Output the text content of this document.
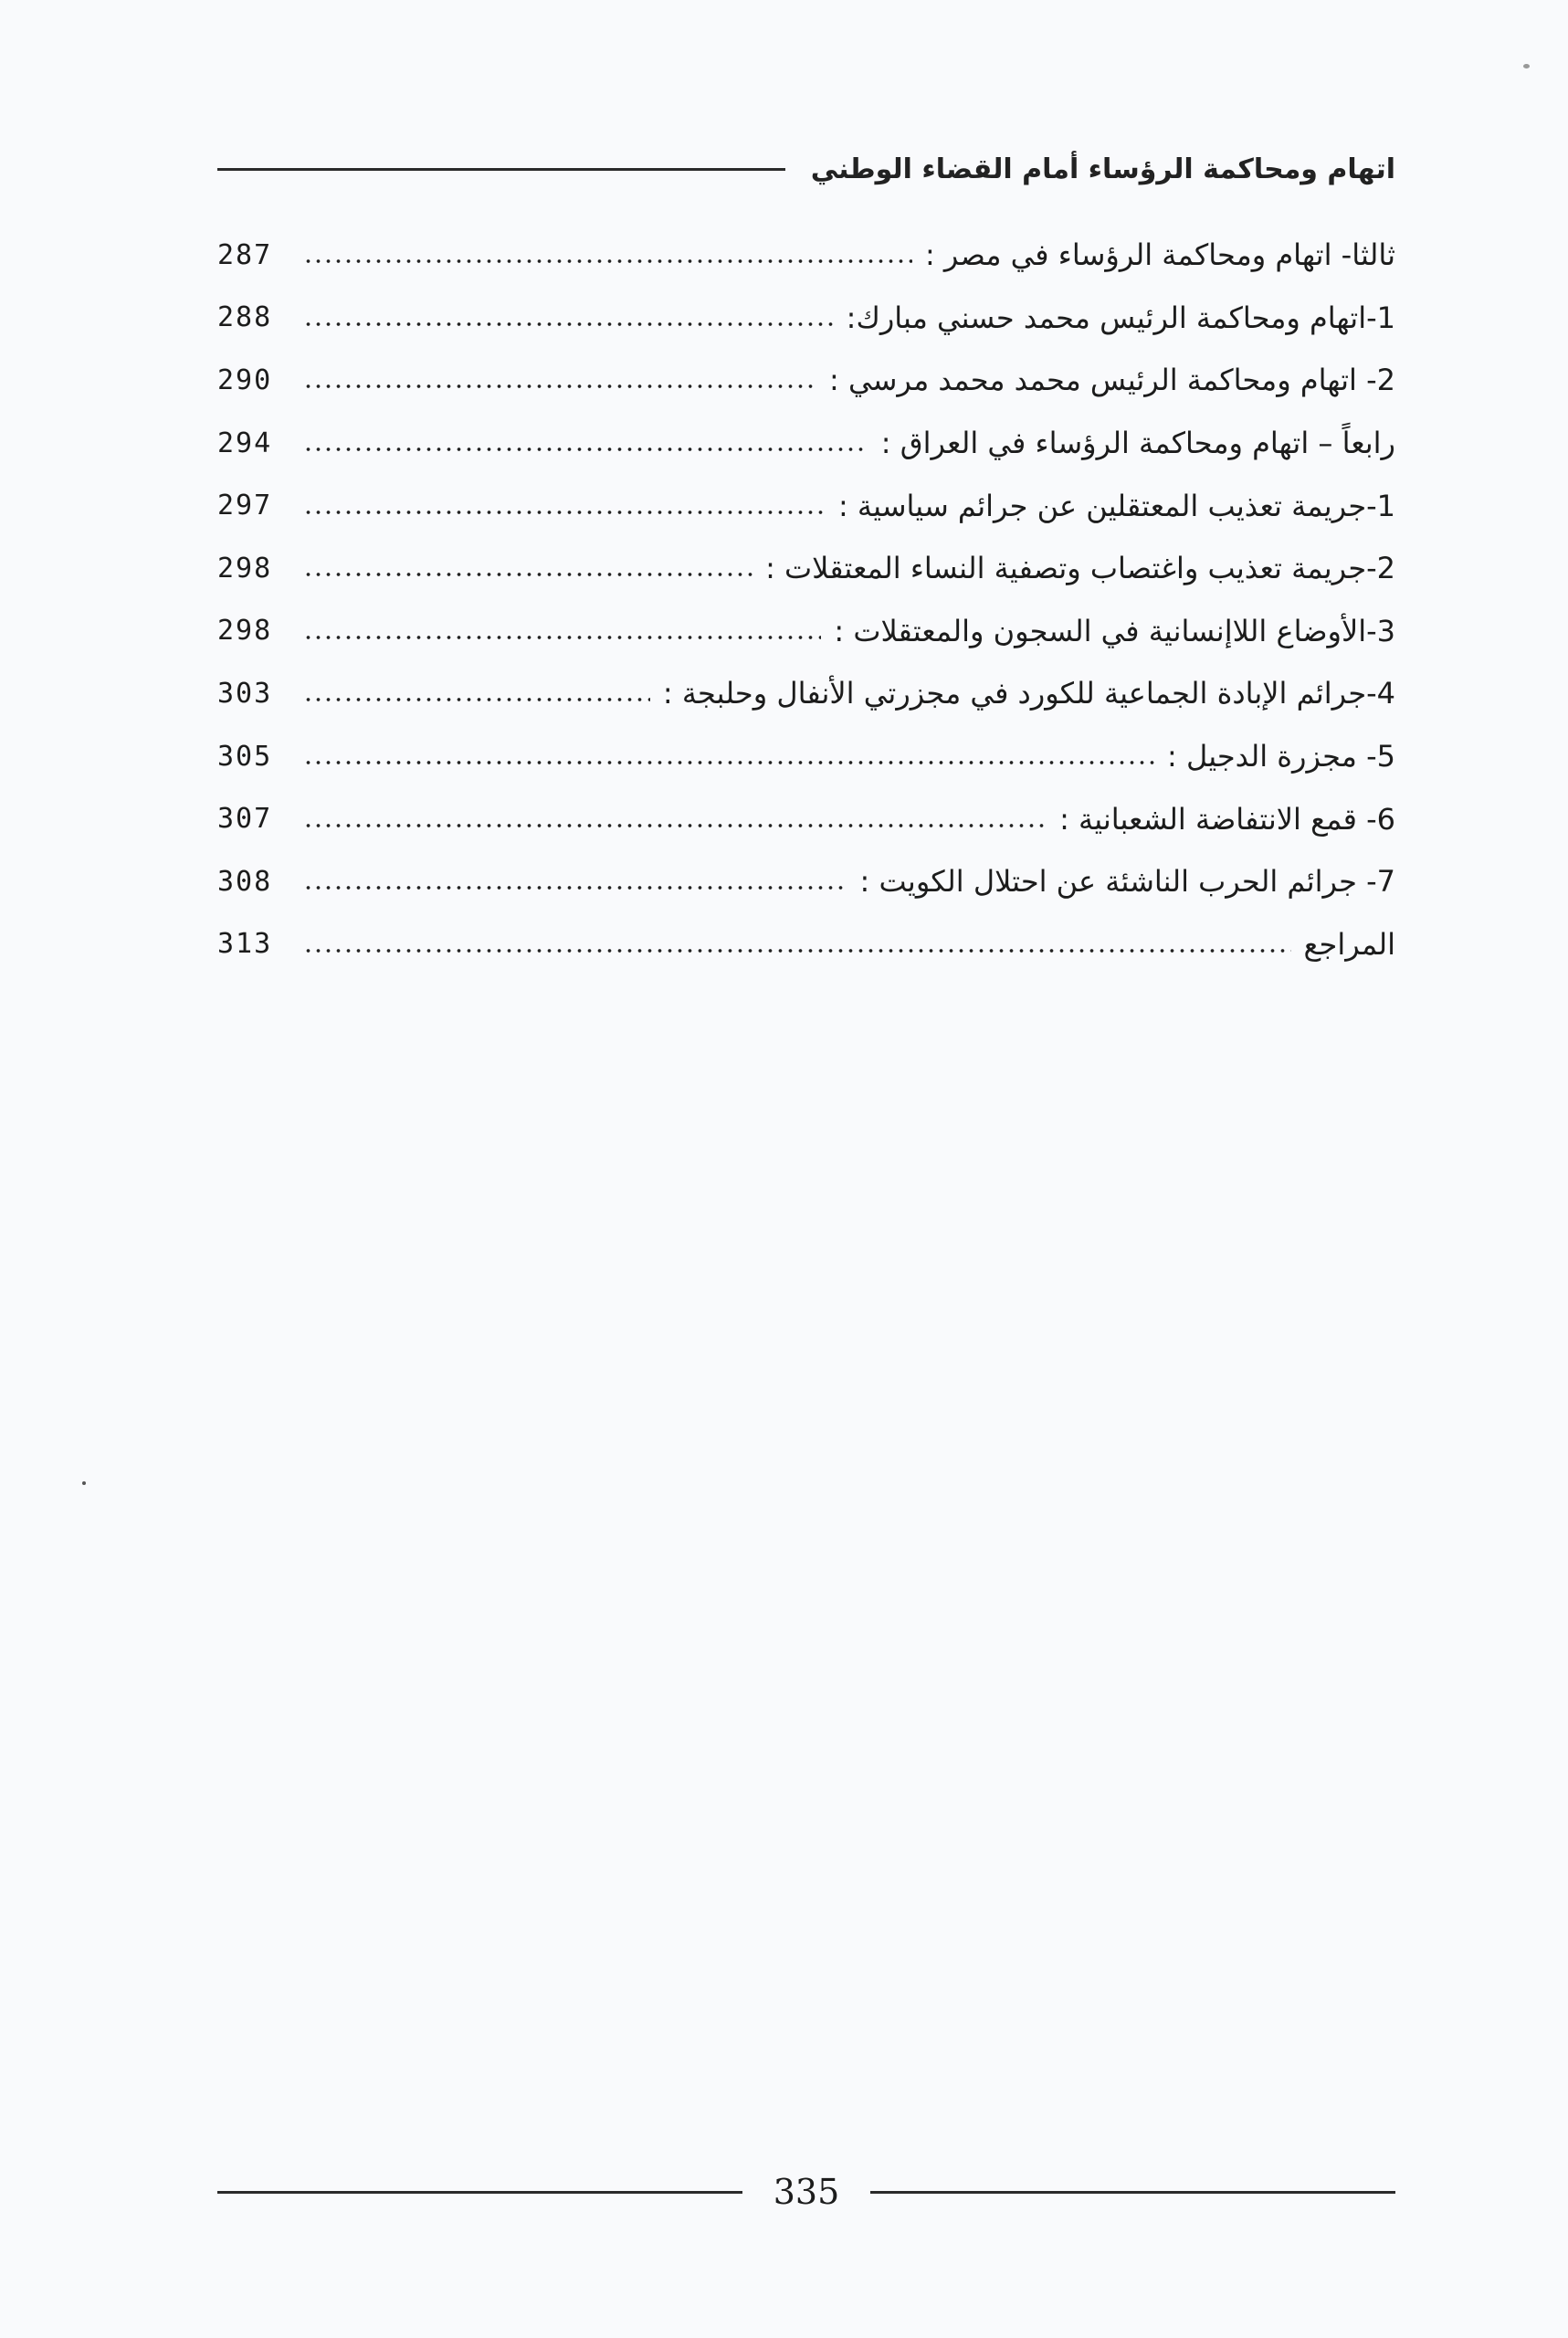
اتهام ومحاكمة الرؤساء أمام القضاء الوطني
ثالثا- اتهام ومحاكمة الرؤساء في مصر :
287
1-اتهام ومحاكمة الرئيس محمد حسني مبارك:
288
2- اتهام ومحاكمة الرئيس محمد محمد مرسي :
290
رابعاً – اتهام ومحاكمة الرؤساء في العراق :
294
1-جريمة تعذيب المعتقلين عن جرائم سياسية :
297
2-جريمة تعذيب واغتصاب وتصفية النساء المعتقلات :
298
3-الأوضاع اللاإنسانية في السجون والمعتقلات :
298
4-جرائم الإبادة الجماعية للكورد في مجزرتي الأنفال وحلبجة :
303
5- مجزرة الدجيل :
305
6- قمع الانتفاضة الشعبانية :
307
7- جرائم الحرب الناشئة عن احتلال الكويت :
308
المراجع
313
335
